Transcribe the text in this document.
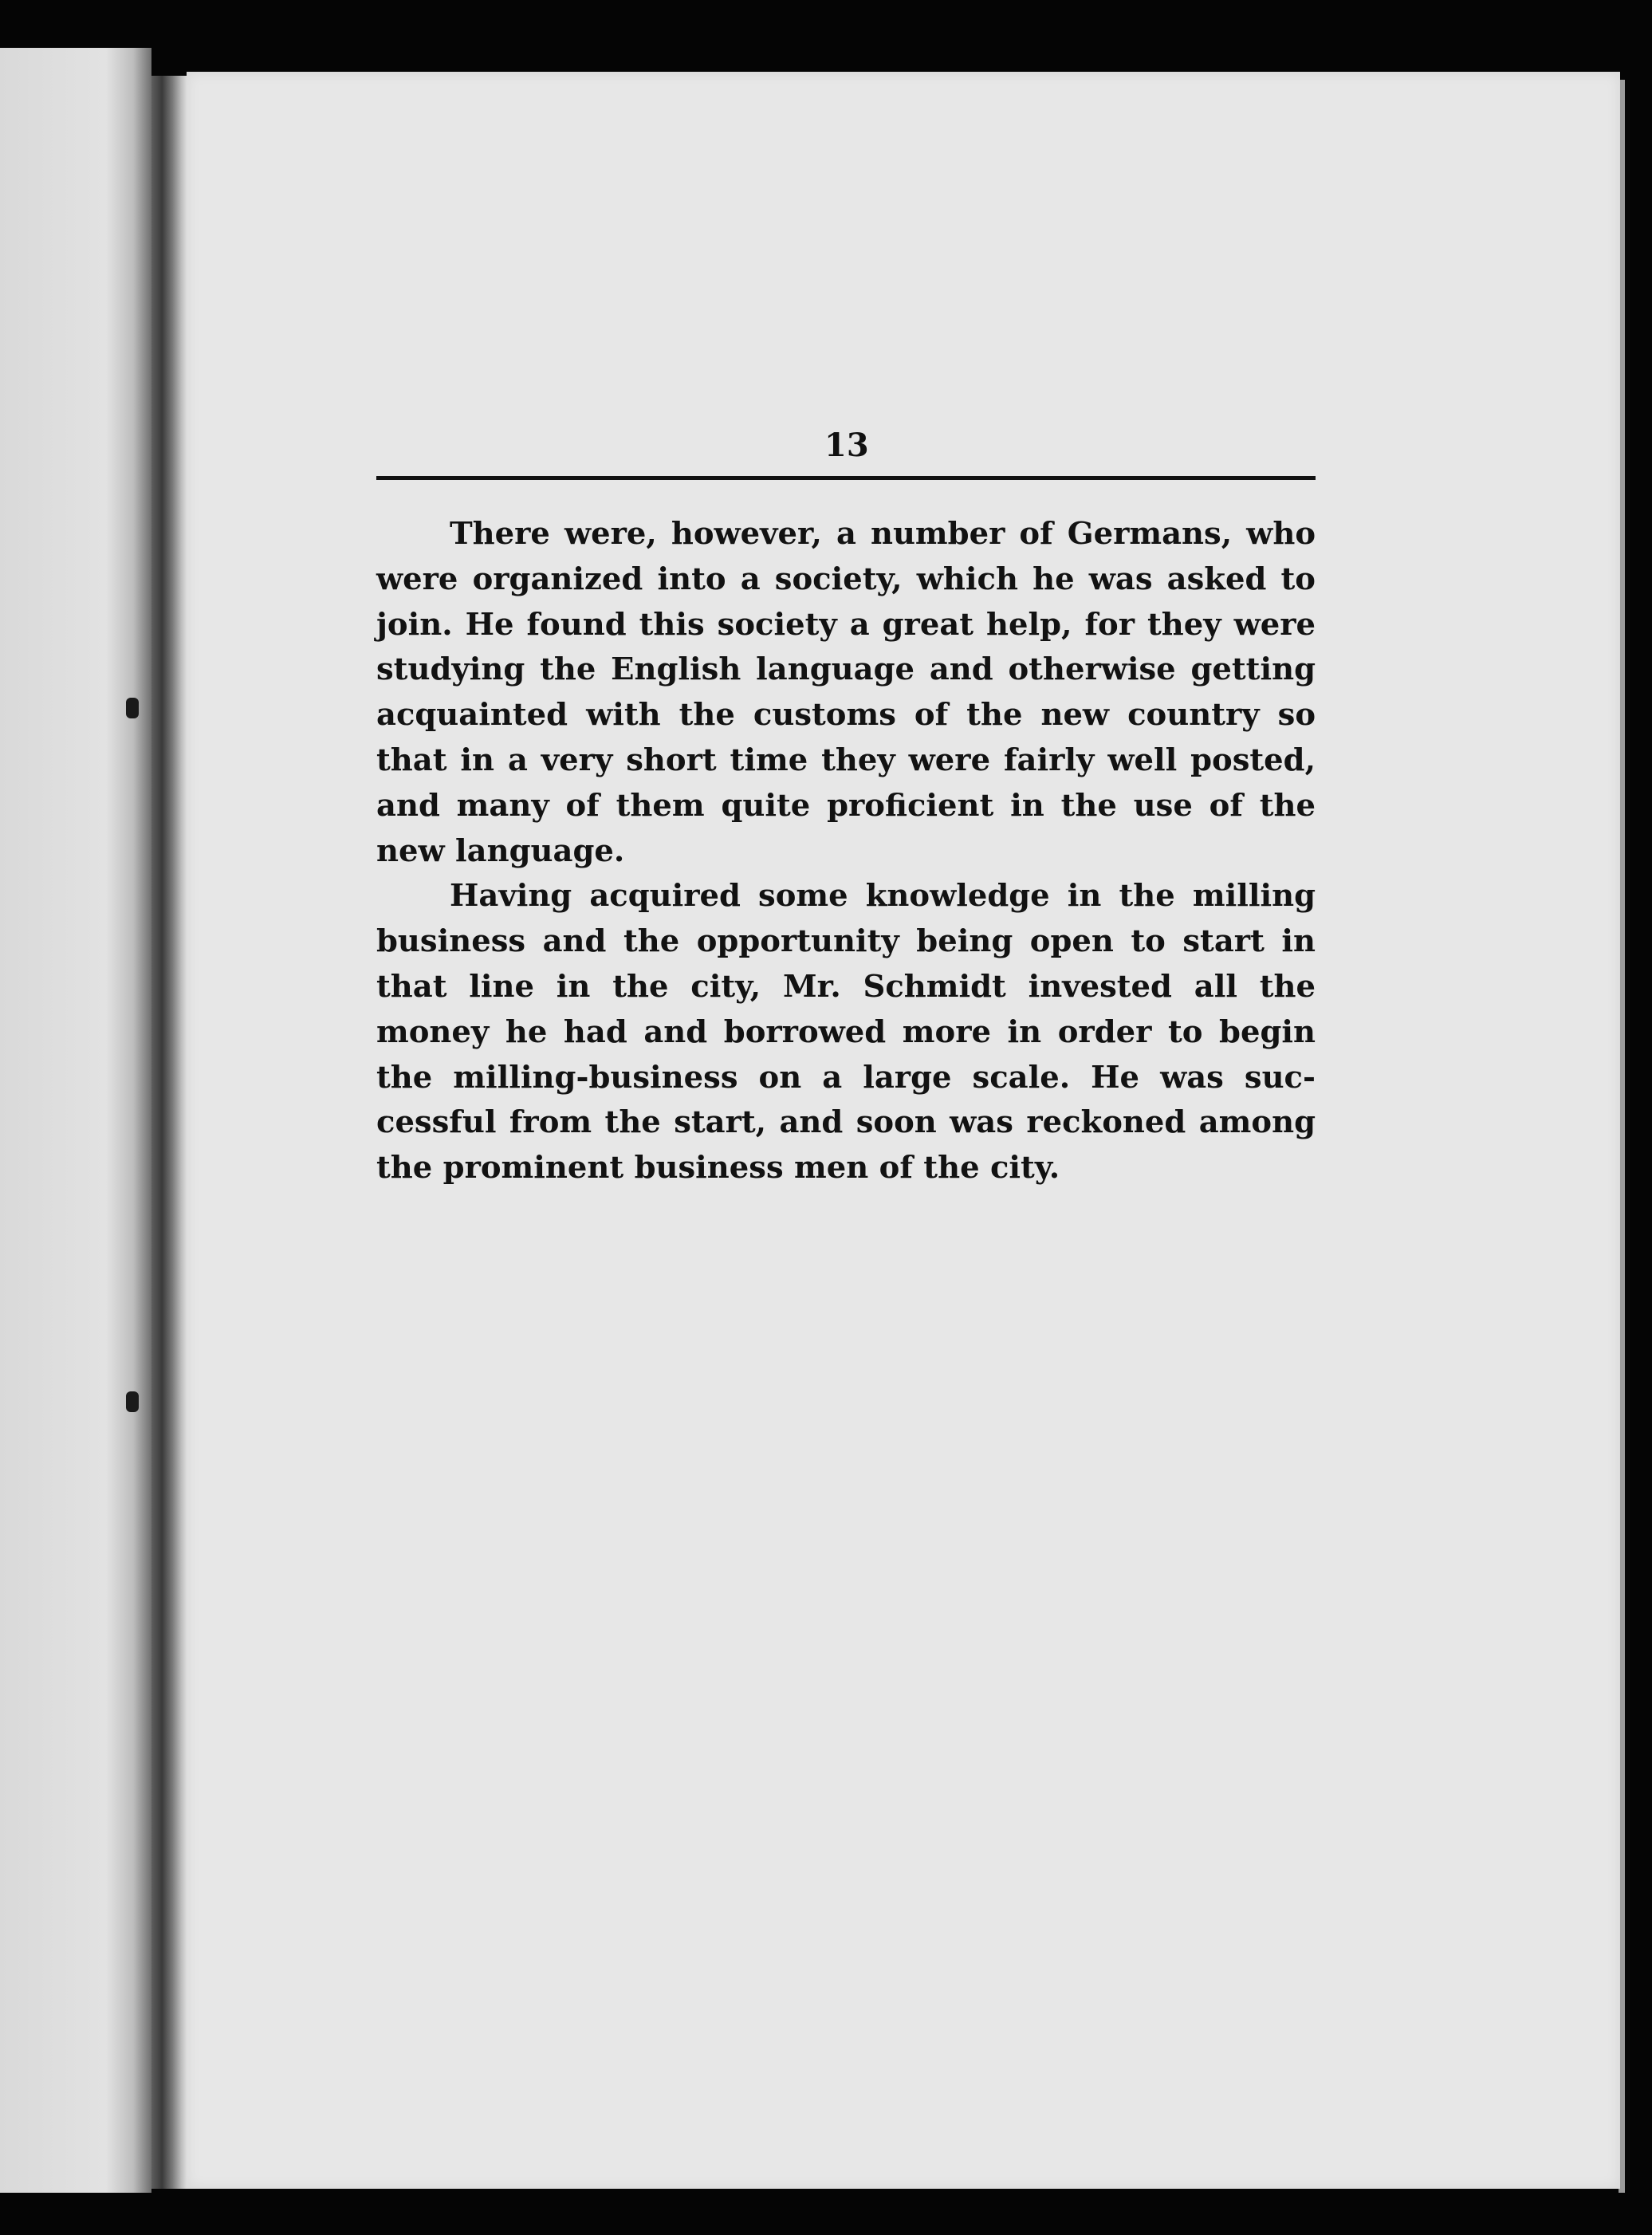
13

There were, however, a number of Germans, who were organized into a society, which he was asked to join. He found this society a great help, for they were studying the English language and otherwise getting acquainted with the customs of the new country so that in a very short time they were fairly well posted, and many of them quite proficient in the use of the new language.

Having acquired some knowledge in the milling business and the opportunity being open to start in that line in the city, Mr. Schmidt invested all the money he had and borrowed more in order to begin the milling-business on a large scale. He was successful from the start, and soon was reckoned among the prominent business men of the city.
